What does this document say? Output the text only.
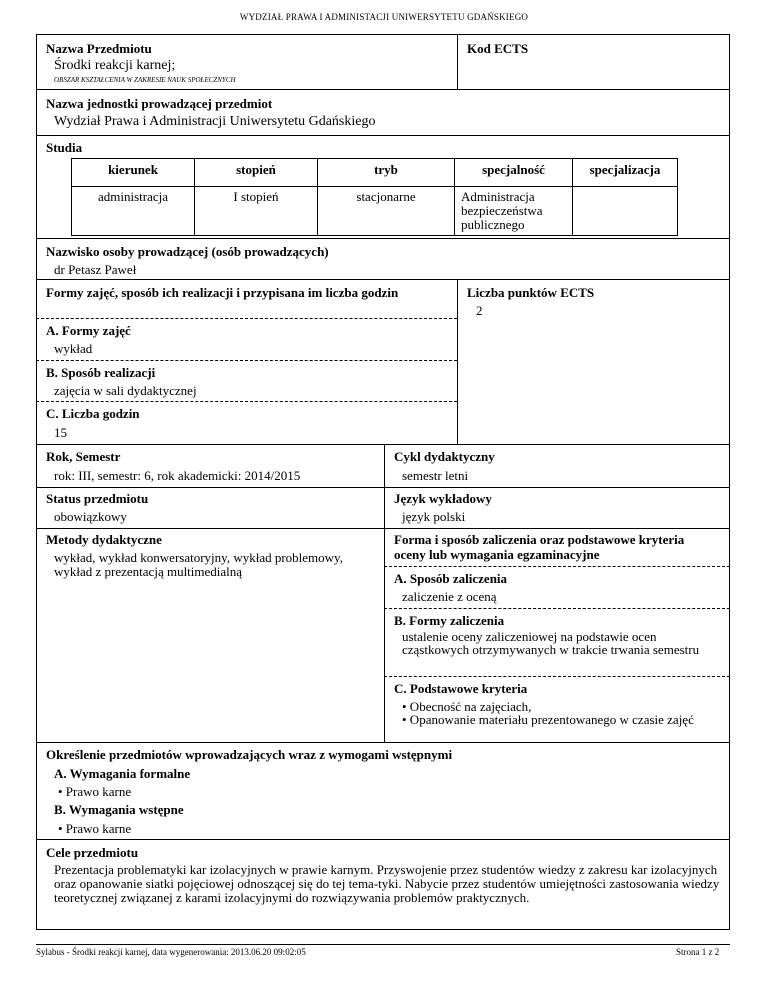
WYDZIAŁ PRAWA I ADMINISTACJI UNIWERSYTETU GDAŃSKIEGO
Nazwa Przedmiotu
Środki reakcji karnej;
OBSZAR KSZTAŁCENIA W ZAKRESIE NAUK SPOŁECZNYCH
Kod ECTS
Nazwa jednostki prowadzącej przedmiot
Wydział Prawa i Administracji Uniwersytetu Gdańskiego
Studia
kierunek	stopień	tryb	specjalność	specjalizacja
administracja	I stopień	stacjonarne	Administracja bezpieczeństwa publicznego	
Nazwisko osoby prowadzącej (osób prowadzących)
dr Petasz Paweł
Formy zajęć, sposób ich realizacji i przypisana im liczba godzin
A. Formy zajęć
wykład
B. Sposób realizacji
zajęcia w sali dydaktycznej
C. Liczba godzin
15
Liczba punktów ECTS
2
Rok, Semestr
rok: III, semestr: 6, rok akademicki: 2014/2015
Cykl dydaktyczny
semestr letni
Status przedmiotu
obowiązkowy
Język wykładowy
język polski
Metody dydaktyczne
wykład, wykład konwersatoryjny, wykład problemowy, wykład z prezentacją multimedialną
Forma i sposób zaliczenia oraz podstawowe kryteria oceny lub wymagania egzaminacyjne
A. Sposób zaliczenia
zaliczenie z oceną
B. Formy zaliczenia
ustalenie oceny zaliczeniowej na podstawie ocen cząstkowych otrzymywanych w trakcie trwania semestru
C. Podstawowe kryteria
• Obecność na zajęciach,
• Opanowanie materiału prezentowanego w czasie zajęć
Określenie przedmiotów wprowadzających wraz z wymogami wstępnymi
A. Wymagania formalne
• Prawo karne
B. Wymagania wstępne
• Prawo karne
Cele przedmiotu
Prezentacja problematyki kar izolacyjnych w prawie karnym. Przyswojenie przez studentów wiedzy z zakresu kar izolacyjnych oraz opanowanie siatki pojęciowej odnoszącej się do tej tema-tyki. Nabycie przez studentów umiejętności zastosowania wiedzy teoretycznej związanej z karami izolacyjnymi do rozwiązywania problemów praktycznych.
Sylabus - Środki reakcji karnej, data wygenerowania: 2013.06.20 09:02:05	Strona 1 z 2
